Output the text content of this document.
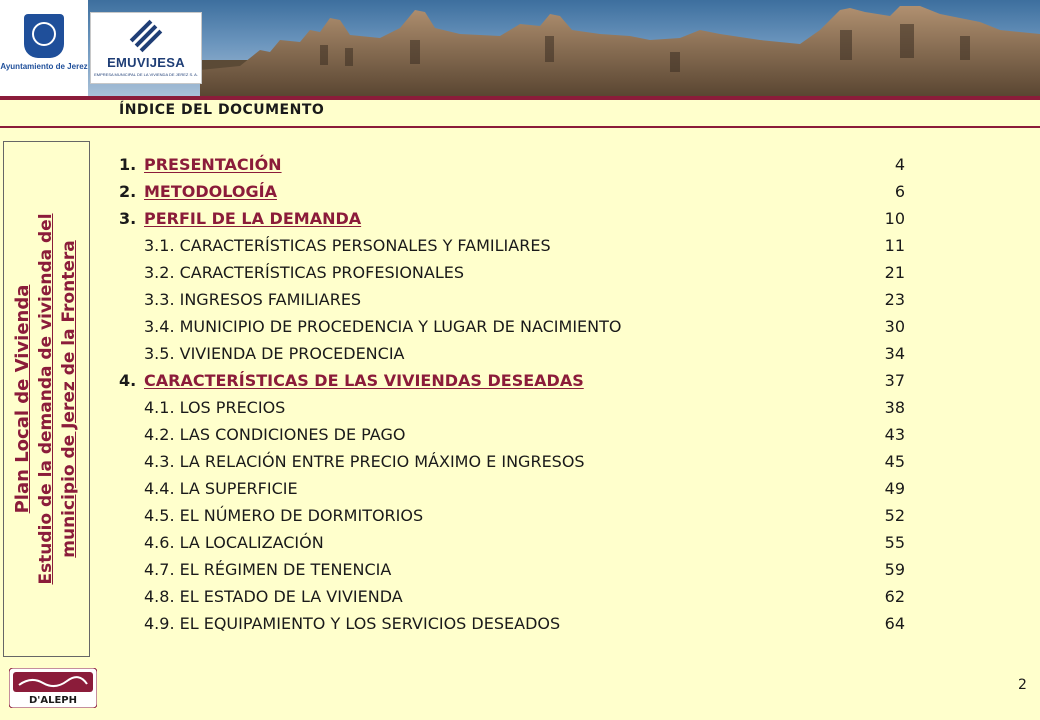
Ayuntamiento de Jerez EMUVIJESA
EMPRESA MUNICIPAL DE LA VIVIENDA DE JEREZ S. A.
ÍNDICE DEL DOCUMENTO
Plan Local de Vivienda Estudio de la demanda de vivienda del municipio de Jerez de la Frontera
1. PRESENTACIÓN	4
2. METODOLOGÍA	6
3. PERFIL DE LA DEMANDA	10
3.1. CARACTERÍSTICAS PERSONALES Y FAMILIARES	11
3.2. CARACTERÍSTICAS PROFESIONALES	21
3.3. INGRESOS FAMILIARES	23
3.4. MUNICIPIO DE PROCEDENCIA Y LUGAR DE NACIMIENTO	30
3.5. VIVIENDA DE PROCEDENCIA	34
4. CARACTERÍSTICAS DE LAS VIVIENDAS DESEADAS	37
4.1. LOS PRECIOS	38
4.2. LAS CONDICIONES DE PAGO	43
4.3. LA RELACIÓN ENTRE PRECIO MÁXIMO E INGRESOS	45
4.4. LA SUPERFICIE	49
4.5. EL NÚMERO DE DORMITORIOS	52
4.6. LA LOCALIZACIÓN	55
4.7. EL RÉGIMEN DE TENENCIA	59
4.8. EL ESTADO DE LA VIVIENDA	62
4.9. EL EQUIPAMIENTO Y LOS SERVICIOS DESEADOS	64
D'ALEPH
2
